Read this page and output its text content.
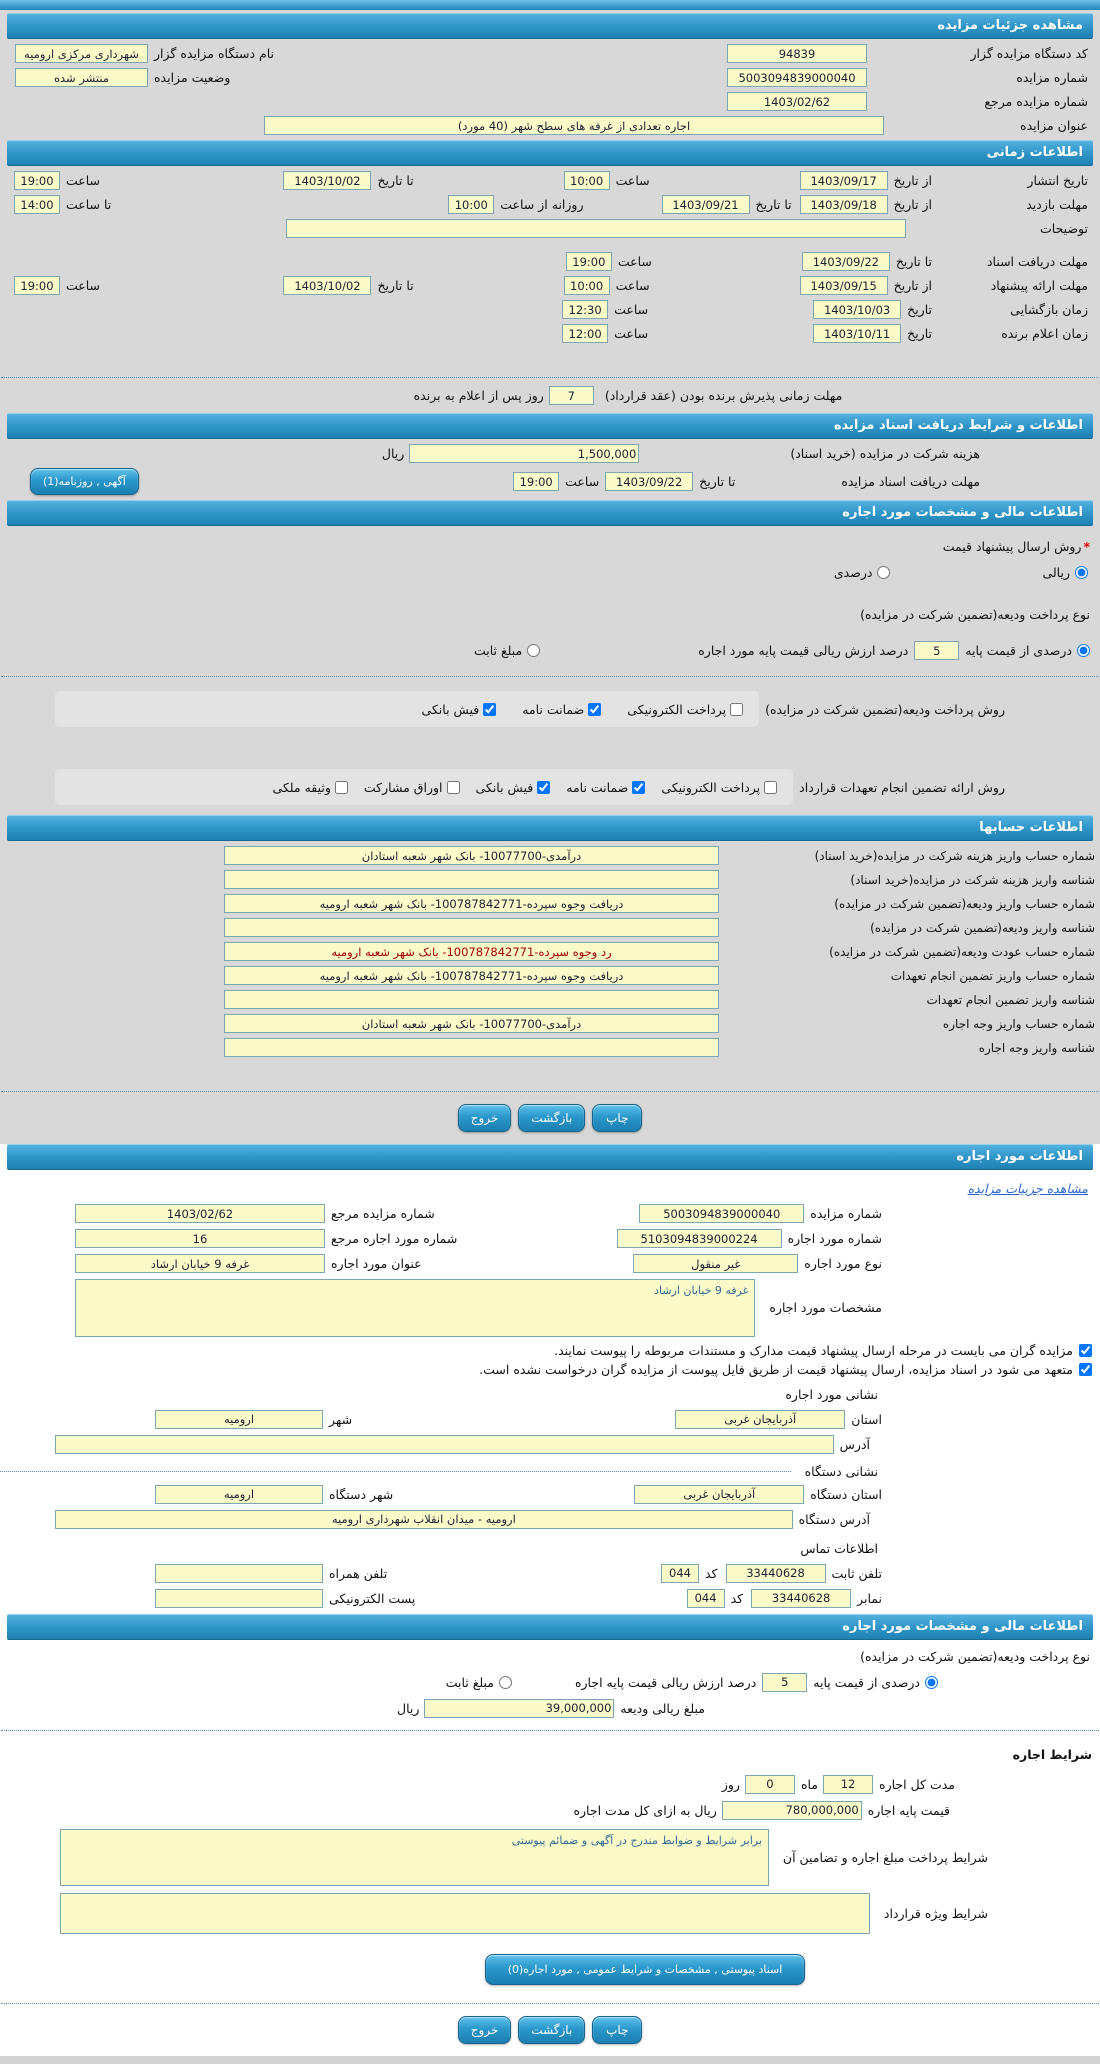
مشاهده جزئیات مزایده
کد دستگاه مزایده گزار
94839
نام دستگاه مزایده گزار
شهرداری مرکزی ارومیه
شماره مزایده
5003094839000040
وضعیت مزایده
منتشر شده
شماره مزایده مرجع
1403/02/62
عنوان مزایده
اجاره تعدادی از غرفه های سطح شهر (40 مورد)
اطلاعات زمانی
تاریخ انتشار
از تاریخ
1403/09/17
ساعت
10:00
تا تاریخ
1403/10/02
ساعت
19:00
مهلت بازدید
از تاریخ
1403/09/18
تا تاریخ
1403/09/21
روزانه از ساعت
10:00
تا ساعت
14:00
توضیحات
مهلت دریافت اسناد
تا تاریخ
1403/09/22
ساعت
19:00
مهلت ارائه پیشنهاد
از تاریخ
1403/09/15
ساعت
10:00
تا تاریخ
1403/10/02
ساعت
19:00
زمان بازگشایی
تاریخ
1403/10/03
ساعت
12:30
زمان اعلام برنده
تاریخ
1403/10/11
ساعت
12:00
مهلت زمانی پذیرش برنده بودن (عقد قرارداد)
7
روز پس از اعلام به برنده
اطلاعات و شرایط دریافت اسناد مزایده
هزینه شرکت در مزایده (خرید اسناد)
1,500,000
ریال
مهلت دریافت اسناد مزایده
تا تاریخ
1403/09/22
ساعت
19:00
آگهی , روزنامه(1)
اطلاعات مالی و مشخصات مورد اجاره
*
روش ارسال پیشنهاد قیمت
ریالی
درصدی
نوع پرداخت ودیعه(تضمین شرکت در مزایده)
درصدی از قیمت پایه
5
درصد ارزش ریالی قیمت پایه مورد اجاره
مبلغ ثابت
روش پرداخت ودیعه(تضمین شرکت در مزایده)
پرداخت الکترونیکی
ضمانت نامه
فیش بانکی
روش ارائه تضمین انجام تعهدات قرارداد
پرداخت الکترونیکی
ضمانت نامه
فیش بانکی
اوراق مشارکت
وثیقه ملکی
اطلاعات حسابها
شماره حساب واریز هزینه شرکت در مزایده(خرید اسناد)
درآمدی-10077700- بانک شهر شعبه استادان
شناسه واریز هزینه شرکت در مزایده(خرید اسناد)
شماره حساب واریز ودیعه(تضمین شرکت در مزایده)
دریافت وجوه سپرده-100787842771- بانک شهر شعبه ارومیه
شناسه واریز ودیعه(تضمین شرکت در مزایده)
شماره حساب عودت ودیعه(تضمین شرکت در مزایده)
رد وجوه سپرده-100787842771- بانک شهر شعبه ارومیه
شماره حساب واریز تضمین انجام تعهدات
دریافت وجوه سپرده-100787842771- بانک شهر شعبه ارومیه
شناسه واریز تضمین انجام تعهدات
شماره حساب واریز وجه اجاره
درآمدی-10077700- بانک شهر شعبه استادان
شناسه واریز وجه اجاره
چاپ
بازگشت
خروج
اطلاعات مورد اجاره
مشاهده جزییات مزایده
شماره مزایده
5003094839000040
شماره مزایده مرجع
1403/02/62
شماره مورد اجاره
5103094839000224
شماره مورد اجاره مرجع
16
نوع مورد اجاره
غیر منقول
عنوان مورد اجاره
غرفه 9 خیابان ارشاد
مشخصات مورد اجاره
غرفه 9 خیابان ارشاد
مزایده گران می بایست در مرحله ارسال پیشنهاد قیمت مدارک و مستندات مربوطه را پیوست نمایند.
متعهد می شود در اسناد مزایده، ارسال پیشنهاد قیمت از طریق فایل پیوست از مزایده گران درخواست نشده است.
نشانی مورد اجاره
استان
آذربایجان غربی
شهر
ارومیه
آدرس
نشانی دستگاه
استان دستگاه
آذربایجان غربی
شهر دستگاه
ارومیه
آدرس دستگاه
ارومیه - میدان انقلاب شهرداری ارومیه
اطلاعات تماس
تلفن ثابت
33440628
کد
044
تلفن همراه
نمابر
33440628
کد
044
پست الکترونیکی
اطلاعات مالی و مشخصات مورد اجاره
نوع پرداخت ودیعه(تضمین شرکت در مزایده)
درصدی از قیمت پایه
5
درصد ارزش ریالی قیمت پایه اجاره
مبلغ ثابت
مبلغ ریالی ودیعه
39,000,000
ریال
شرایط اجاره
مدت کل اجاره
12
ماه
0
روز
قیمت پایه اجاره
780,000,000
ریال به ازای کل مدت اجاره
شرایط پرداخت مبلغ اجاره و تضامین آن
برابر شرایط و ضوابط مندرج در آگهی و ضمائم پیوستی
شرایط ویژه قرارداد
اسناد پیوستی , مشخصات و شرایط عمومی , مورد اجاره(0)
چاپ
بازگشت
خروج
